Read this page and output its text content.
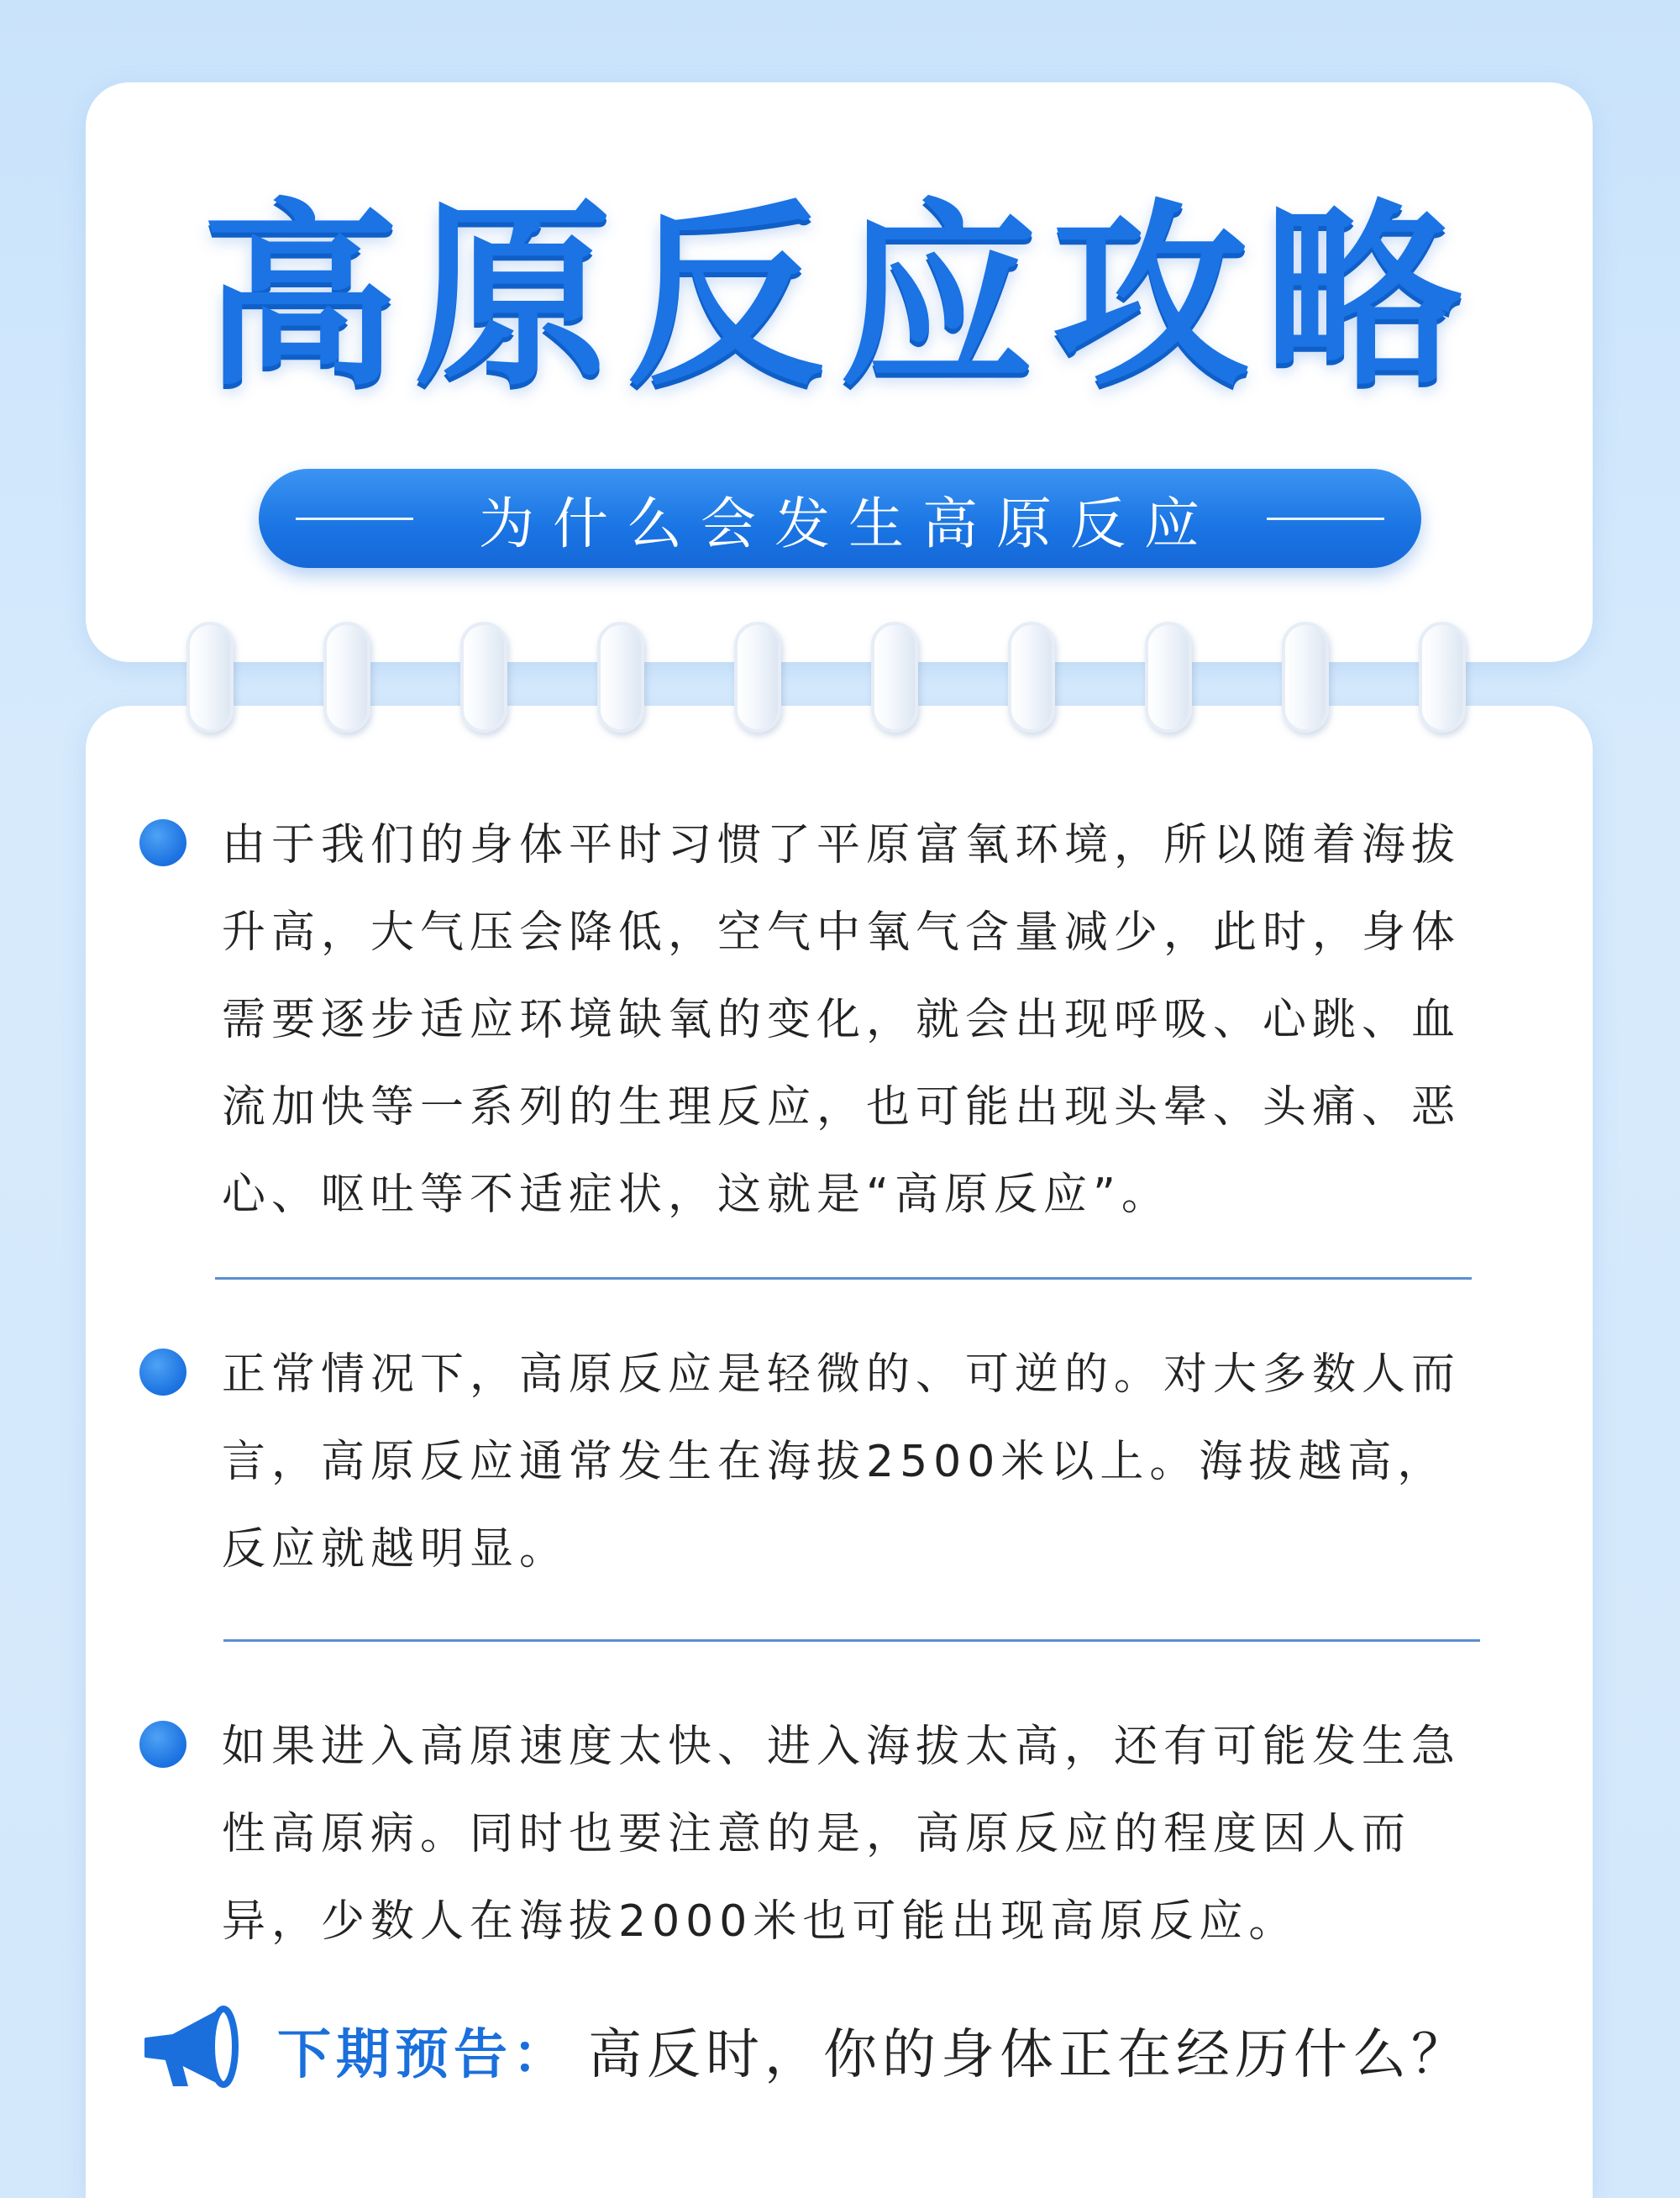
高原反应攻略
为什么会发生高原反应

由于我们的身体平时习惯了平原富氧环境，所以随着海拔升高，大气压会降低，空气中氧气含量减少，此时，身体需要逐步适应环境缺氧的变化，就会出现呼吸、心跳、血流加快等一系列的生理反应，也可能出现头晕、头痛、恶心、呕吐等不适症状，这就是“高原反应”。

正常情况下，高原反应是轻微的、可逆的。对大多数人而言，高原反应通常发生在海拔2500米以上。海拔越高，反应就越明显。

如果进入高原速度太快、进入海拔太高，还有可能发生急性高原病。同时也要注意的是，高原反应的程度因人而异，少数人在海拔2000米也可能出现高原反应。

下期预告： 高反时，你的身体正在经历什么？
